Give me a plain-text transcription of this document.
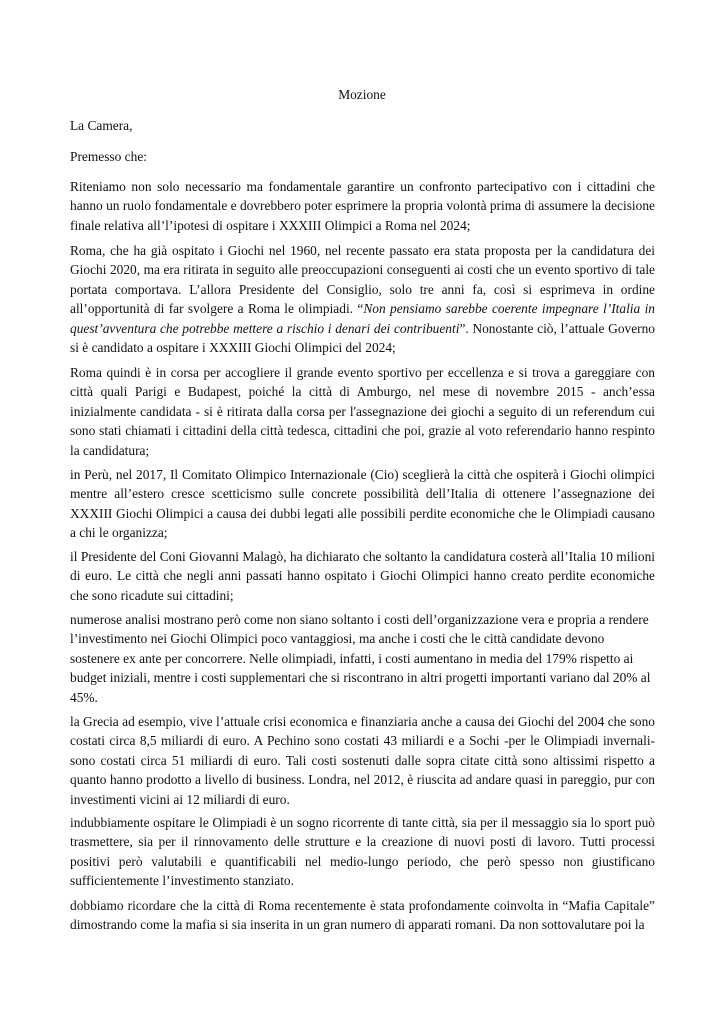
Mozione

La Camera,

Premesso che:

Riteniamo non solo necessario ma fondamentale garantire un confronto partecipativo con i cittadini che hanno un ruolo fondamentale e dovrebbero poter esprimere la propria volontà prima di assumere la decisione finale relativa all’l’ipotesi di ospitare i XXXIII Olimpici a Roma nel 2024;

Roma, che ha già ospitato i Giochi nel 1960, nel recente passato era stata proposta per la candidatura dei Giochi 2020, ma era ritirata in seguito alle preoccupazioni conseguenti ai costi che un evento sportivo di tale portata comportava. L’allora Presidente del Consiglio, solo tre anni fa, così si esprimeva in ordine all’opportunità di far svolgere a Roma le olimpiadi. “Non pensiamo sarebbe coerente impegnare l’Italia in quest’avventura che potrebbe mettere a rischio i denari dei contribuenti”. Nonostante ciò, l’attuale Governo si è candidato a ospitare i XXXIII Giochi Olimpici del 2024;

Roma quindi è in corsa per accogliere il grande evento sportivo per eccellenza e si trova a gareggiare con città quali Parigi e Budapest, poiché la città di Amburgo, nel mese di novembre 2015 - anch’essa inizialmente candidata - si è ritirata dalla corsa per l'assegnazione dei giochi a seguito di un referendum cui sono stati chiamati i cittadini della città tedesca, cittadini che poi, grazie al voto referendario hanno respinto la candidatura;

in Perù, nel 2017, Il Comitato Olimpico Internazionale (Cio) sceglierà la città che ospiterà i Giochi olimpici mentre all’estero cresce scetticismo sulle concrete possibilità dell’Italia di ottenere l’assegnazione dei XXXIII Giochi Olimpici a causa dei dubbi legati alle possibili perdite economiche che le Olimpiadi causano a chi le organizza;

il Presidente del Coni Giovanni Malagò, ha dichiarato che soltanto la candidatura costerà all’Italia 10 milioni di euro. Le città che negli anni passati hanno ospitato i Giochi Olimpici hanno creato perdite economiche che sono ricadute sui cittadini;

numerose analisi mostrano però come non siano soltanto i costi dell’organizzazione vera e propria a rendere l’investimento nei Giochi Olimpici poco vantaggiosi, ma anche i costi che le città candidate devono sostenere ex ante per concorrere. Nelle olimpiadi, infatti, i costi aumentano in media del 179% rispetto ai budget iniziali, mentre i costi supplementari che si riscontrano in altri progetti importanti variano dal 20% al 45%.

la Grecia ad esempio, vive l’attuale crisi economica e finanziaria anche a causa dei Giochi del 2004 che sono costati circa 8,5 miliardi di euro. A Pechino sono costati 43 miliardi e a Sochi -per le Olimpiadi invernali-sono costati circa 51 miliardi di euro. Tali costi sostenuti dalle sopra citate città sono altissimi rispetto a quanto hanno prodotto a livello di business. Londra, nel 2012, è riuscita ad andare quasi in pareggio, pur con investimenti vicini ai 12 miliardi di euro.

indubbiamente ospitare le Olimpiadi è un sogno ricorrente di tante città, sia per il messaggio sia lo sport può trasmettere, sia per il rinnovamento delle strutture e la creazione di nuovi posti di lavoro. Tutti processi positivi però valutabili e quantificabili nel medio-lungo periodo, che però spesso non giustificano sufficientemente l’investimento stanziato.

dobbiamo ricordare che la città di Roma recentemente è stata profondamente coinvolta in “Mafia Capitale” dimostrando come la mafia si sia inserita in un gran numero di apparati romani. Da non sottovalutare poi la
